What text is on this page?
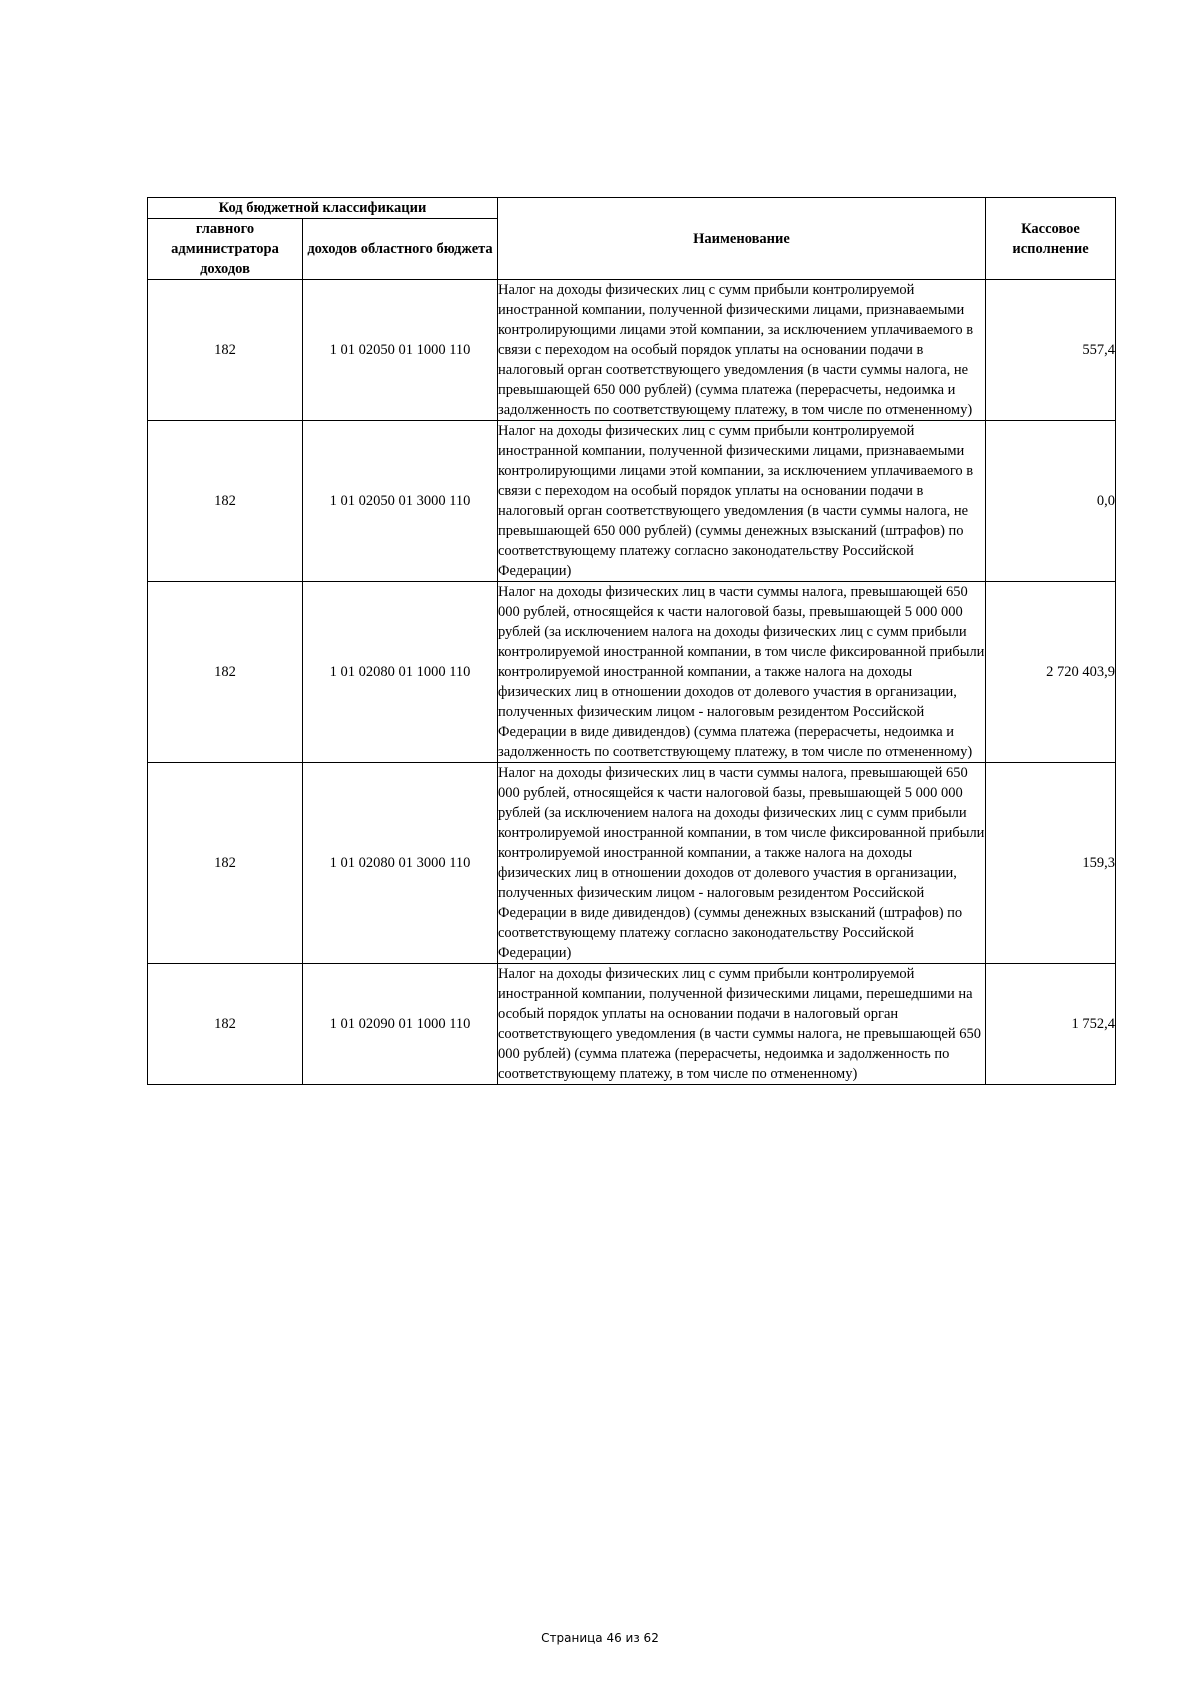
Код бюджетной классификации		Наименование	Кассовое исполнение
главного администратора доходов	доходов областного бюджета		
182	1 01 02050 01 1000 110	Налог на доходы физических лиц с сумм прибыли контролируемой иностранной компании, полученной физическими лицами, признаваемыми контролирующими лицами этой компании, за исключением уплачиваемого в связи с переходом на особый порядок уплаты на основании подачи в налоговый орган соответствующего уведомления (в части суммы налога, не превышающей 650 000 рублей) (сумма платежа (перерасчеты, недоимка и задолженность по соответствующему платежу, в том числе по отмененному)	557,4
182	1 01 02050 01 3000 110	Налог на доходы физических лиц с сумм прибыли контролируемой иностранной компании, полученной физическими лицами, признаваемыми контролирующими лицами этой компании, за исключением уплачиваемого в связи с переходом на особый порядок уплаты на основании подачи в налоговый орган соответствующего уведомления (в части суммы налога, не превышающей 650 000 рублей) (суммы денежных взысканий (штрафов) по соответствующему платежу согласно законодательству Российской Федерации)	0,0
182	1 01 02080 01 1000 110	Налог на доходы физических лиц в части суммы налога, превышающей 650 000 рублей, относящейся к части налоговой базы, превышающей 5 000 000 рублей (за исключением налога на доходы физических лиц с сумм прибыли контролируемой иностранной компании, в том числе фиксированной прибыли контролируемой иностранной компании, а также налога на доходы физических лиц в отношении доходов от долевого участия в организации, полученных физическим лицом - налоговым резидентом Российской Федерации в виде дивидендов) (сумма платежа (перерасчеты, недоимка и задолженность по соответствующему платежу, в том числе по отмененному)	2 720 403,9
182	1 01 02080 01 3000 110	Налог на доходы физических лиц в части суммы налога, превышающей 650 000 рублей, относящейся к части налоговой базы, превышающей 5 000 000 рублей (за исключением налога на доходы физических лиц с сумм прибыли контролируемой иностранной компании, в том числе фиксированной прибыли контролируемой иностранной компании, а также налога на доходы физических лиц в отношении доходов от долевого участия в организации, полученных физическим лицом - налоговым резидентом Российской Федерации в виде дивидендов) (суммы денежных взысканий (штрафов) по соответствующему платежу согласно законодательству Российской Федерации)	159,3
182	1 01 02090 01 1000 110	Налог на доходы физических лиц с сумм прибыли контролируемой иностранной компании, полученной физическими лицами, перешедшими на особый порядок уплаты на основании подачи в налоговый орган соответствующего уведомления (в части суммы налога, не превышающей 650 000 рублей) (сумма платежа (перерасчеты, недоимка и задолженность по соответствующему платежу, в том числе по отмененному)	1 752,4
Страница 46 из 62
